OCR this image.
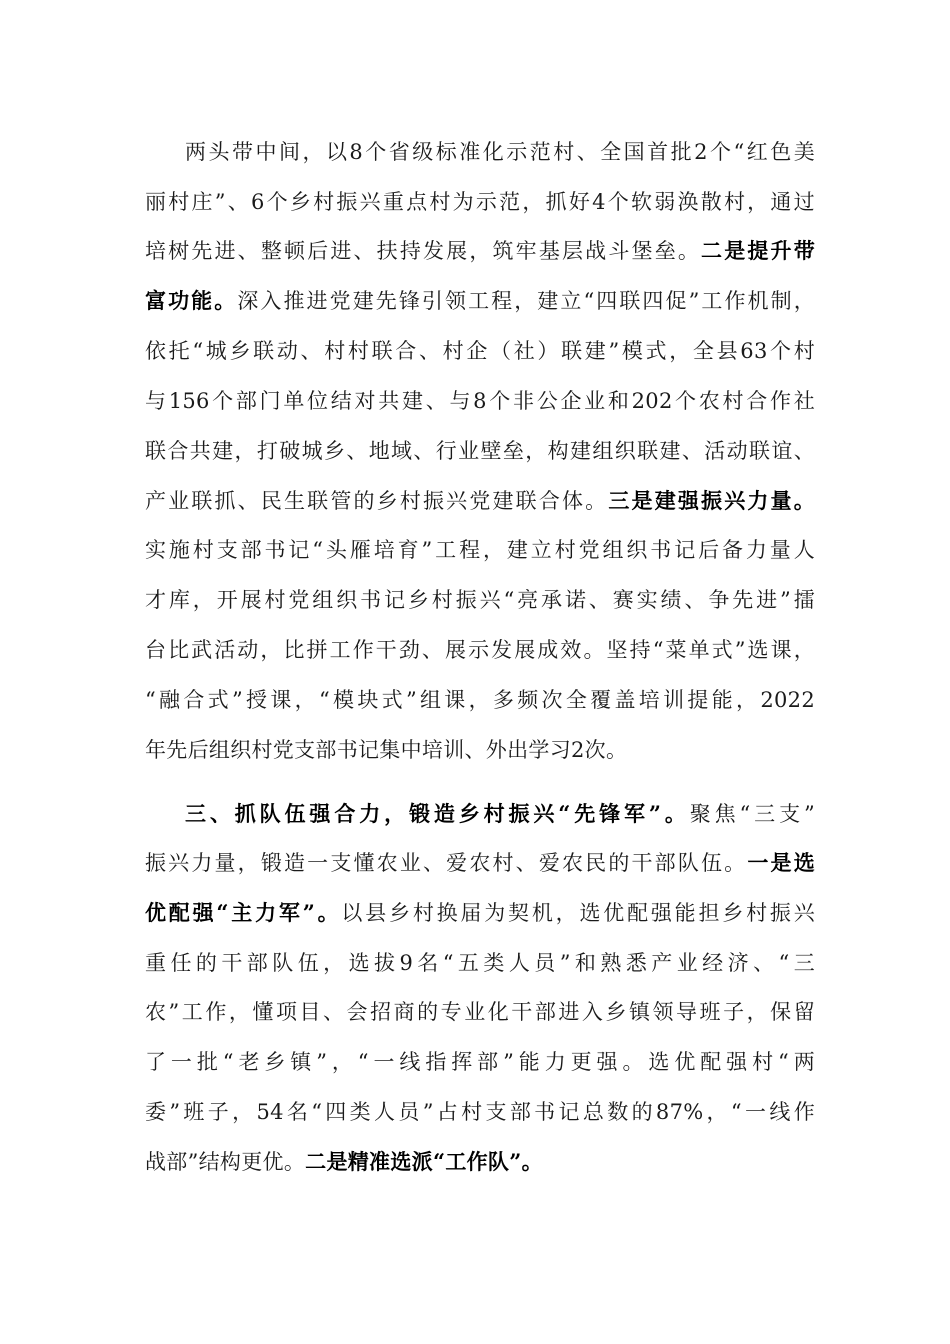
两头带中间，以8个省级标准化示范村、全国首批2个“红色美
丽村庄”、6个乡村振兴重点村为示范，抓好4个软弱涣散村，通过
培树先进、整顿后进、扶持发展，筑牢基层战斗堡垒。二是提升带
富功能。深入推进党建先锋引领工程，建立“四联四促”工作机制，
依托“城乡联动、村村联合、村企（社）联建”模式，全县63个村
与156个部门单位结对共建、与8个非公企业和202个农村合作社
联合共建，打破城乡、地域、行业壁垒，构建组织联建、活动联谊、
产业联抓、民生联管的乡村振兴党建联合体。三是建强振兴力量。
实施村支部书记“头雁培育”工程，建立村党组织书记后备力量人
才库，开展村党组织书记乡村振兴“亮承诺、赛实绩、争先进”擂
台比武活动，比拼工作干劲、展示发展成效。坚持“菜单式”选课，
“融合式”授课，“模块式”组课，多频次全覆盖培训提能，2022
年先后组织村党支部书记集中培训、外出学习2次。
三、抓队伍强合力，锻造乡村振兴“先锋军”。聚焦“三支”
振兴力量，锻造一支懂农业、爱农村、爱农民的干部队伍。一是选
优配强“主力军”。以县乡村换届为契机，选优配强能担乡村振兴
重任的干部队伍，选拔9名“五类人员”和熟悉产业经济、“三
农”工作，懂项目、会招商的专业化干部进入乡镇领导班子，保留
了一批“老乡镇”，“一线指挥部”能力更强。选优配强村“两
委”班子，54名“四类人员”占村支部书记总数的87%，“一线作
战部”结构更优。二是精准选派“工作队”。
